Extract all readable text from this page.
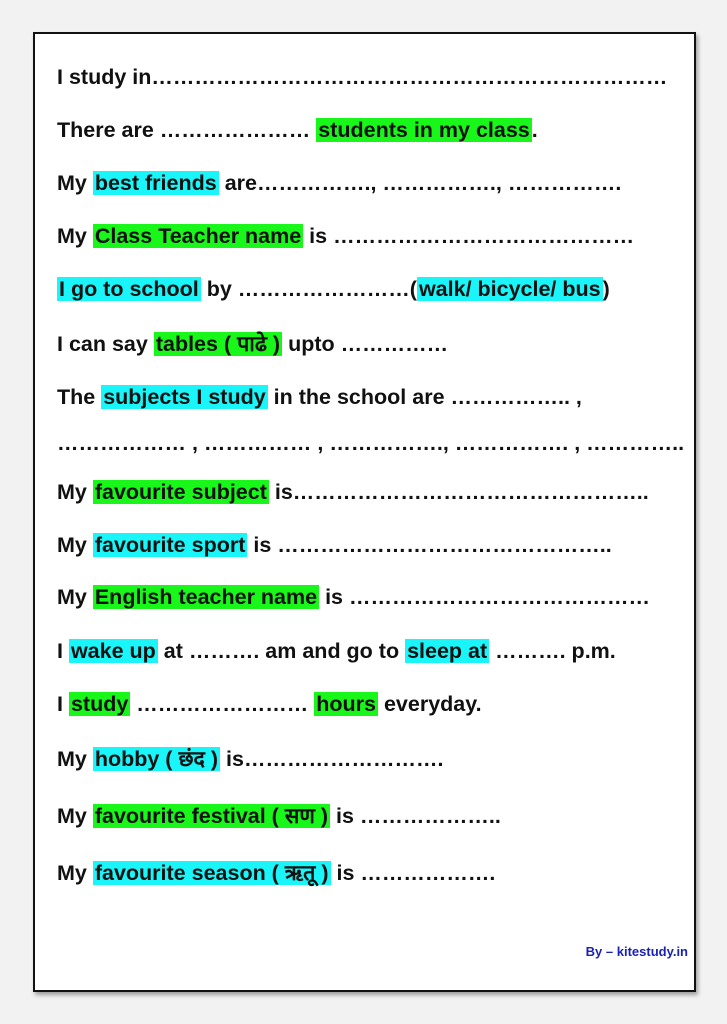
I study in………………………………………………………………
There are ………………… students in my class.
My best friends are……………., ……………., …………….
My Class Teacher name is ……………………………………
I go to school by ……………………(walk/ bicycle/ bus)
I can say tables ( पाढे ) upto ……………
The subjects I study in the school are …………….. ,
……………… , …………… , ……………., ……………. , …………..
My favourite subject is…………………………………………..
My favourite sport is ………………………………………..
My English teacher name is ……………………………………
I wake up at ………. am and go to sleep at ………. p.m.
I study …………………… hours everyday.
My hobby ( छंद ) is……………………….
My favourite festival ( सण ) is ………………..
My favourite season ( ऋतू ) is ……………….
By – kitestudy.in
